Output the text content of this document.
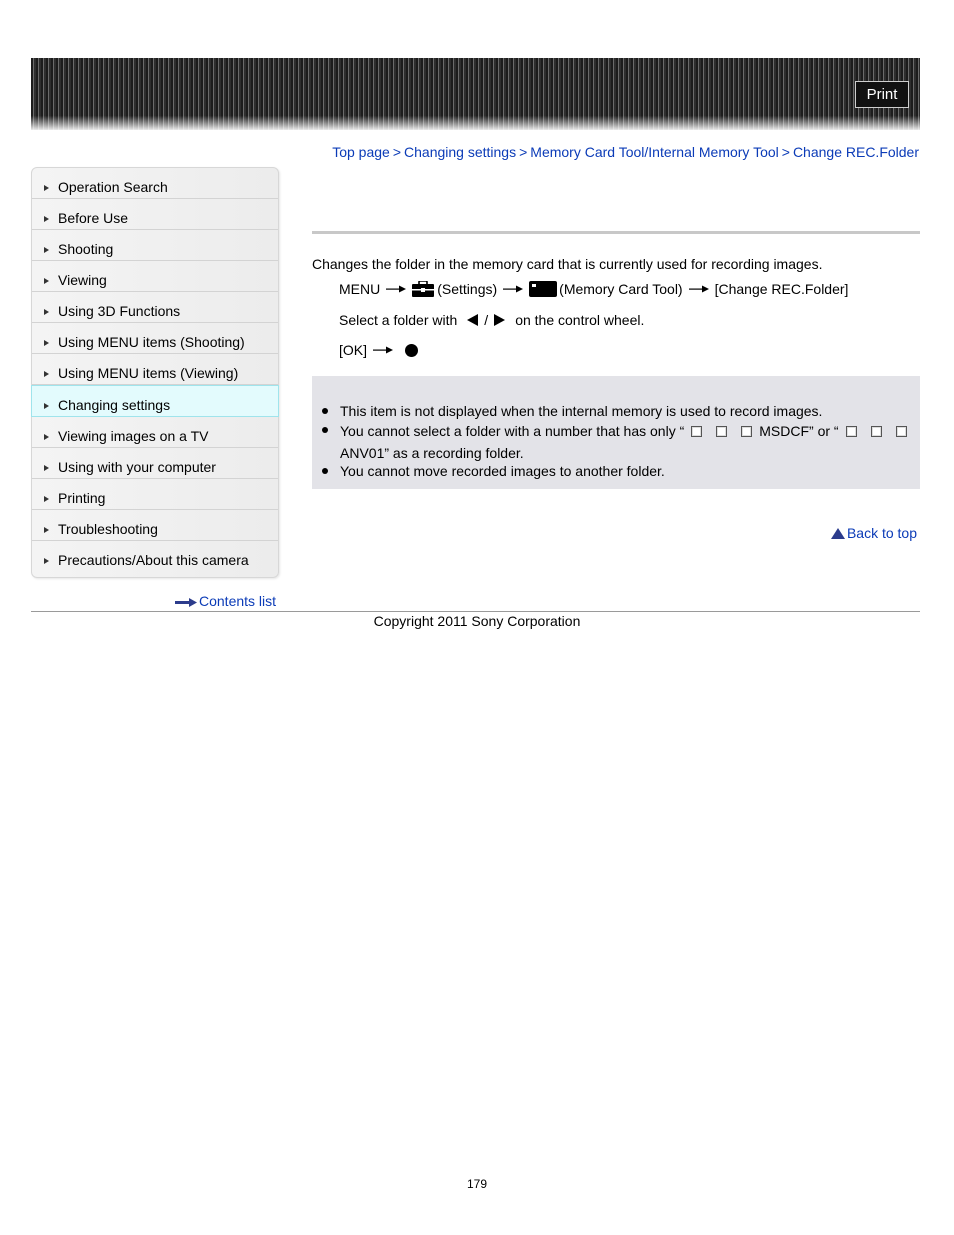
Print
Top page > Changing settings > Memory Card Tool/Internal Memory Tool > Change REC.Folder
Operation Search
Before Use
Shooting
Viewing
Using 3D Functions
Using MENU items (Shooting)
Using MENU items (Viewing)
Changing settings
Viewing images on a TV
Using with your computer
Printing
Troubleshooting
Precautions/About this camera
Contents list
Changes the folder in the memory card that is currently used for recording images.
MENU	(Settings)	(Memory Card Tool) [Change REC.Folder]
Select a folder with / on the control wheel.
[OK]
This item is not displayed when the internal memory is used to record images.
You cannot select a folder with a number that has only “	MSDCF” or “
ANV01” as a recording folder.
You cannot move recorded images to another folder.
Back to top
Copyright 2011 Sony Corporation
179
